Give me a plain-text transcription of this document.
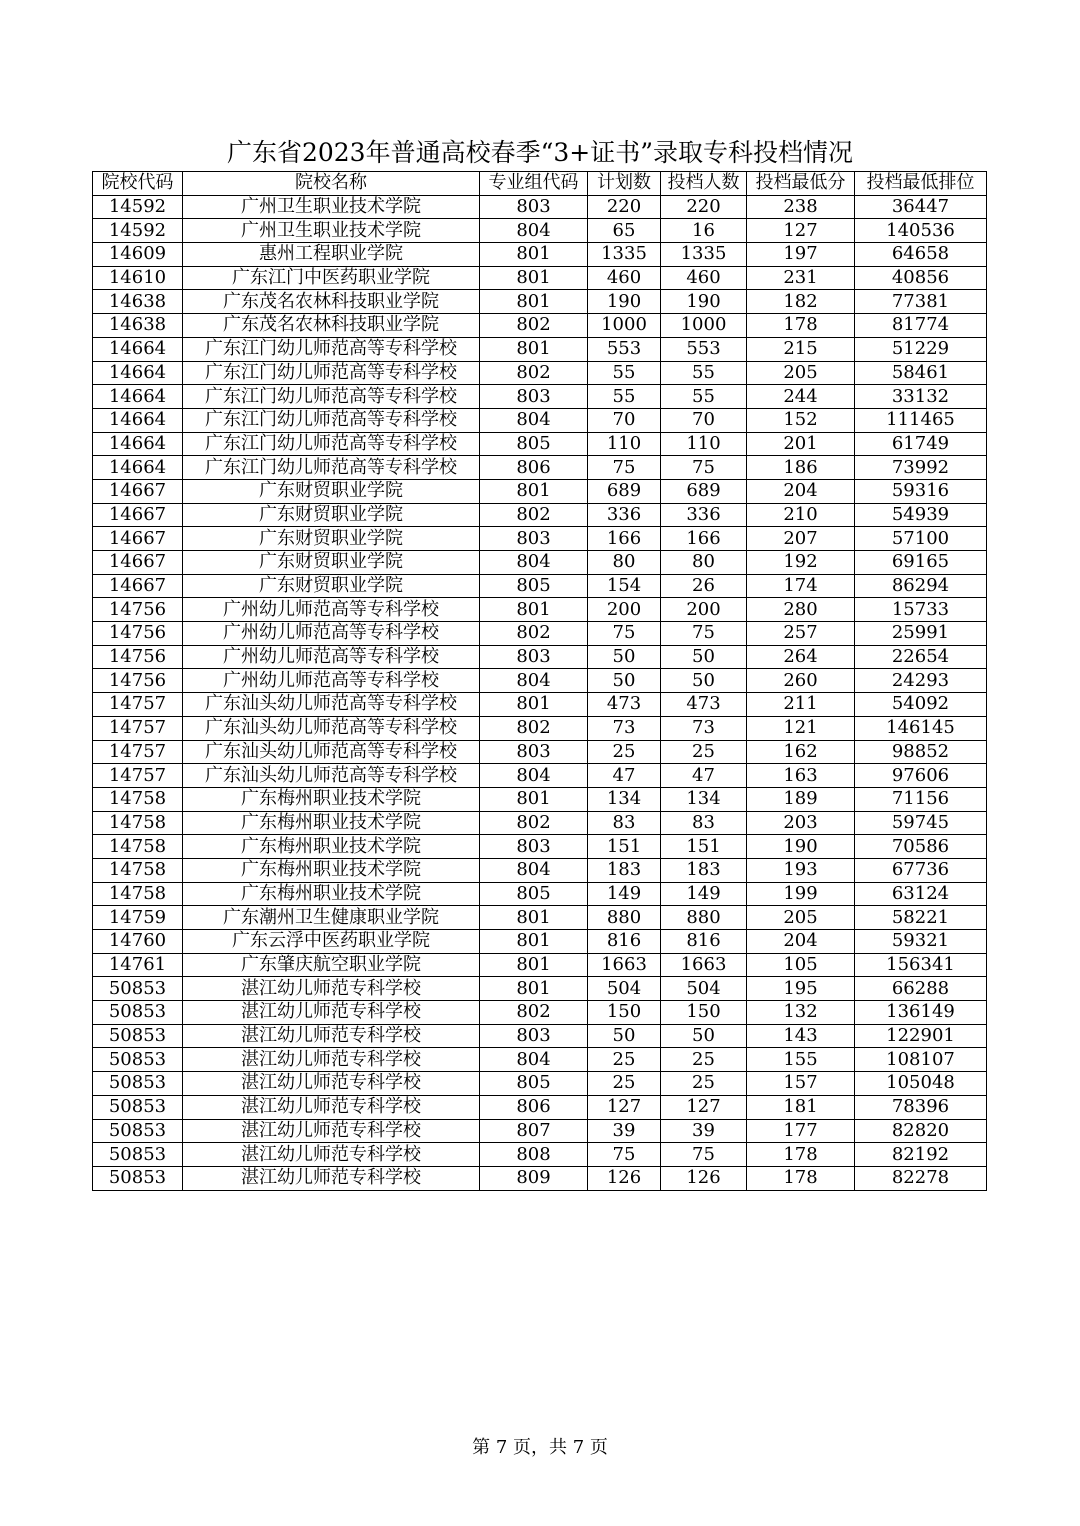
广东省2023年普通高校春季“3+证书”录取专科投档情况
院校代码	院校名称	专业组代码	计划数	投档人数	投档最低分	投档最低排位
14592	广州卫生职业技术学院	803	220	220	238	36447
14592	广州卫生职业技术学院	804	65	16	127	140536
14609	惠州工程职业学院	801	1335	1335	197	64658
14610	广东江门中医药职业学院	801	460	460	231	40856
14638	广东茂名农林科技职业学院	801	190	190	182	77381
14638	广东茂名农林科技职业学院	802	1000	1000	178	81774
14664	广东江门幼儿师范高等专科学校	801	553	553	215	51229
14664	广东江门幼儿师范高等专科学校	802	55	55	205	58461
14664	广东江门幼儿师范高等专科学校	803	55	55	244	33132
14664	广东江门幼儿师范高等专科学校	804	70	70	152	111465
14664	广东江门幼儿师范高等专科学校	805	110	110	201	61749
14664	广东江门幼儿师范高等专科学校	806	75	75	186	73992
14667	广东财贸职业学院	801	689	689	204	59316
14667	广东财贸职业学院	802	336	336	210	54939
14667	广东财贸职业学院	803	166	166	207	57100
14667	广东财贸职业学院	804	80	80	192	69165
14667	广东财贸职业学院	805	154	26	174	86294
14756	广州幼儿师范高等专科学校	801	200	200	280	15733
14756	广州幼儿师范高等专科学校	802	75	75	257	25991
14756	广州幼儿师范高等专科学校	803	50	50	264	22654
14756	广州幼儿师范高等专科学校	804	50	50	260	24293
14757	广东汕头幼儿师范高等专科学校	801	473	473	211	54092
14757	广东汕头幼儿师范高等专科学校	802	73	73	121	146145
14757	广东汕头幼儿师范高等专科学校	803	25	25	162	98852
14757	广东汕头幼儿师范高等专科学校	804	47	47	163	97606
14758	广东梅州职业技术学院	801	134	134	189	71156
14758	广东梅州职业技术学院	802	83	83	203	59745
14758	广东梅州职业技术学院	803	151	151	190	70586
14758	广东梅州职业技术学院	804	183	183	193	67736
14758	广东梅州职业技术学院	805	149	149	199	63124
14759	广东潮州卫生健康职业学院	801	880	880	205	58221
14760	广东云浮中医药职业学院	801	816	816	204	59321
14761	广东肇庆航空职业学院	801	1663	1663	105	156341
50853	湛江幼儿师范专科学校	801	504	504	195	66288
50853	湛江幼儿师范专科学校	802	150	150	132	136149
50853	湛江幼儿师范专科学校	803	50	50	143	122901
50853	湛江幼儿师范专科学校	804	25	25	155	108107
50853	湛江幼儿师范专科学校	805	25	25	157	105048
50853	湛江幼儿师范专科学校	806	127	127	181	78396
50853	湛江幼儿师范专科学校	807	39	39	177	82820
50853	湛江幼儿师范专科学校	808	75	75	178	82192
50853	湛江幼儿师范专科学校	809	126	126	178	82278
第 7 页，共 7 页
